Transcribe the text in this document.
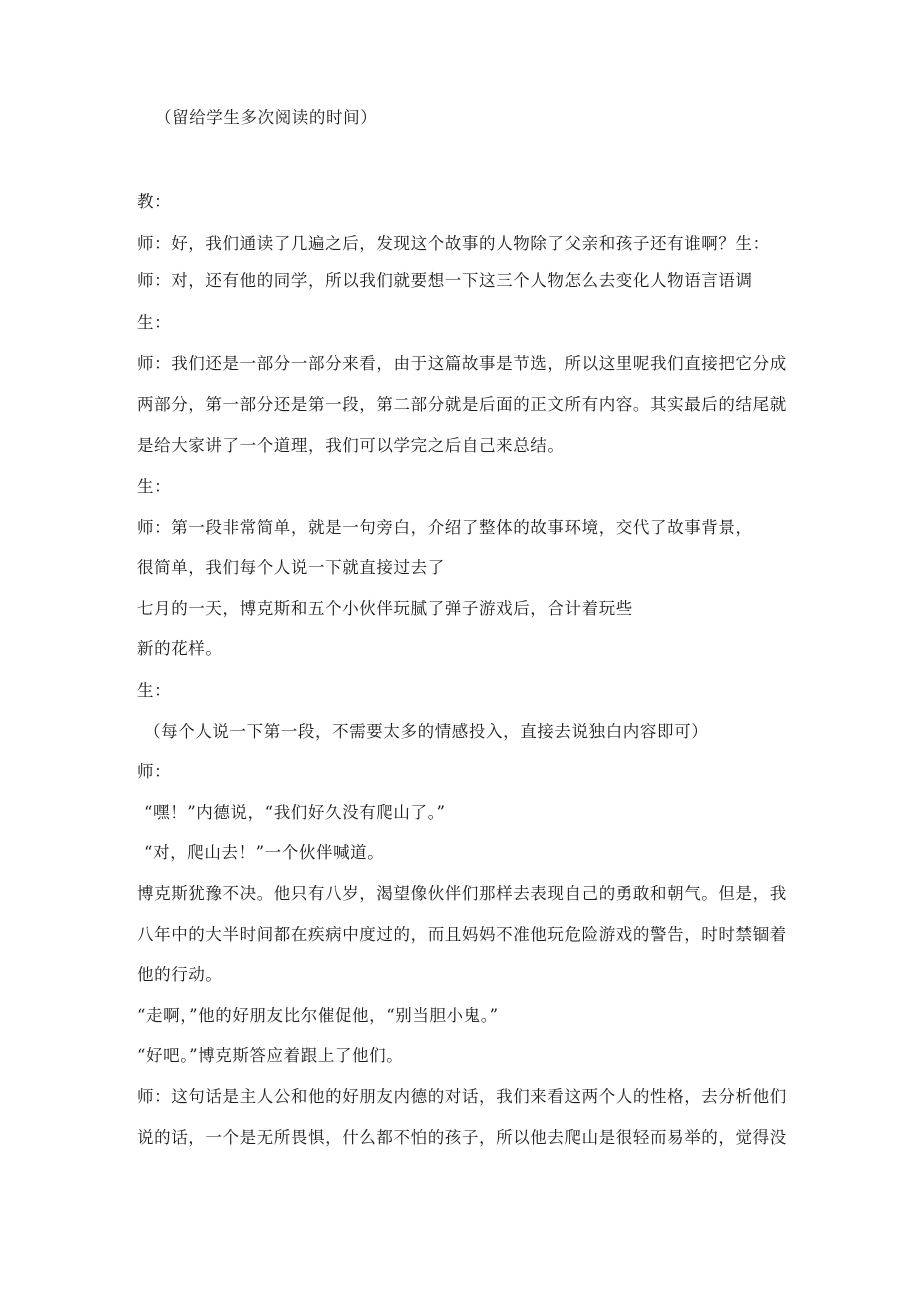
（留给学生多次阅读的时间）

教：

师：好，我们通读了几遍之后，发现这个故事的人物除了父亲和孩子还有谁啊？生：

师：对，还有他的同学，所以我们就要想一下这三个人物怎么去变化人物语言语调

生：

师：我们还是一部分一部分来看，由于这篇故事是节选，所以这里呢我们直接把它分成

两部分，第一部分还是第一段，第二部分就是后面的正文所有内容。其实最后的结尾就

是给大家讲了一个道理，我们可以学完之后自己来总结。

生：

师：第一段非常简单，就是一句旁白，介绍了整体的故事环境，交代了故事背景，

很简单，我们每个人说一下就直接过去了

七月的一天，博克斯和五个小伙伴玩腻了弹子游戏后，合计着玩些

新的花样。

生：

（每个人说一下第一段，不需要太多的情感投入，直接去说独白内容即可）

师：

“嘿！”内德说，“我们好久没有爬山了。”

“对，爬山去！”一个伙伴喊道。

博克斯犹豫不决。他只有八岁，渴望像伙伴们那样去表现自己的勇敢和朝气。但是，我

八年中的大半时间都在疾病中度过的，而且妈妈不准他玩危险游戏的警告，时时禁锢着

他的行动。

“走啊，”他的好朋友比尔催促他，“别当胆小鬼。”

“好吧。”博克斯答应着跟上了他们。

师：这句话是主人公和他的好朋友内德的对话，我们来看这两个人的性格，去分析他们

说的话，一个是无所畏惧，什么都不怕的孩子，所以他去爬山是很轻而易举的，觉得没
